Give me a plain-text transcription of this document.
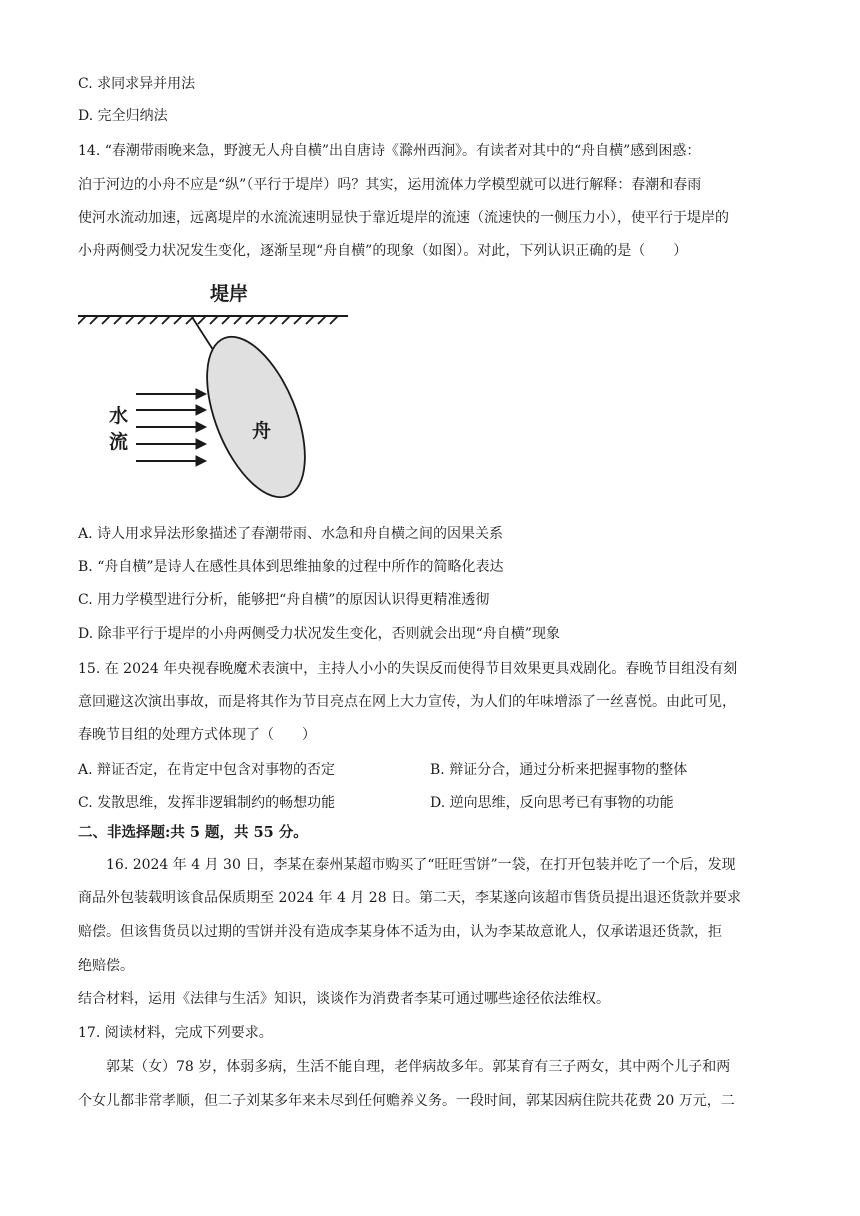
C. 求同求异并用法
D. 完全归纳法
14. “春潮带雨晚来急，野渡无人舟自横”出自唐诗《滁州西涧》。有读者对其中的“舟自横”感到困惑：
泊于河边的小舟不应是“纵”（平行于堤岸）吗？其实，运用流体力学模型就可以进行解释：春潮和春雨
使河水流动加速，远离堤岸的水流流速明显快于靠近堤岸的流速（流速快的一侧压力小），使平行于堤岸的
小舟两侧受力状况发生变化，逐渐呈现“舟自横”的现象（如图）。对此，下列认识正确的是（　　）
堤岸
舟
水
流
A. 诗人用求异法形象描述了春潮带雨、水急和舟自横之间的因果关系
B. “舟自横”是诗人在感性具体到思维抽象的过程中所作的简略化表达
C. 用力学模型进行分析，能够把“舟自横”的原因认识得更精准透彻
D. 除非平行于堤岸的小舟两侧受力状况发生变化，否则就会出现“舟自横”现象
15. 在 2024 年央视春晚魔术表演中，主持人小小的失误反而使得节目效果更具戏剧化。春晚节目组没有刻
意回避这次演出事故，而是将其作为节目亮点在网上大力宣传，为人们的年味增添了一丝喜悦。由此可见，
春晚节目组的处理方式体现了（　　）
A. 辩证否定，在肯定中包含对事物的否定	B. 辩证分合，通过分析来把握事物的整体
C. 发散思维，发挥非逻辑制约的畅想功能	D. 逆向思维，反向思考已有事物的功能
二、非选择题:共 5 题，共 55 分。
16. 2024 年 4 月 30 日，李某在泰州某超市购买了“旺旺雪饼”一袋，在打开包装并吃了一个后，发现
商品外包装载明该食品保质期至 2024 年 4 月 28 日。第二天，李某遂向该超市售货员提出退还货款并要求
赔偿。但该售货员以过期的雪饼并没有造成李某身体不适为由，认为李某故意讹人，仅承诺退还货款，拒
绝赔偿。
结合材料，运用《法律与生活》知识，谈谈作为消费者李某可通过哪些途径依法维权。
17. 阅读材料，完成下列要求。
郭某（女）78 岁，体弱多病，生活不能自理，老伴病故多年。郭某育有三子两女，其中两个儿子和两
个女儿都非常孝顺，但二子刘某多年来未尽到任何赡养义务。一段时间，郭某因病住院共花费 20 万元，二
